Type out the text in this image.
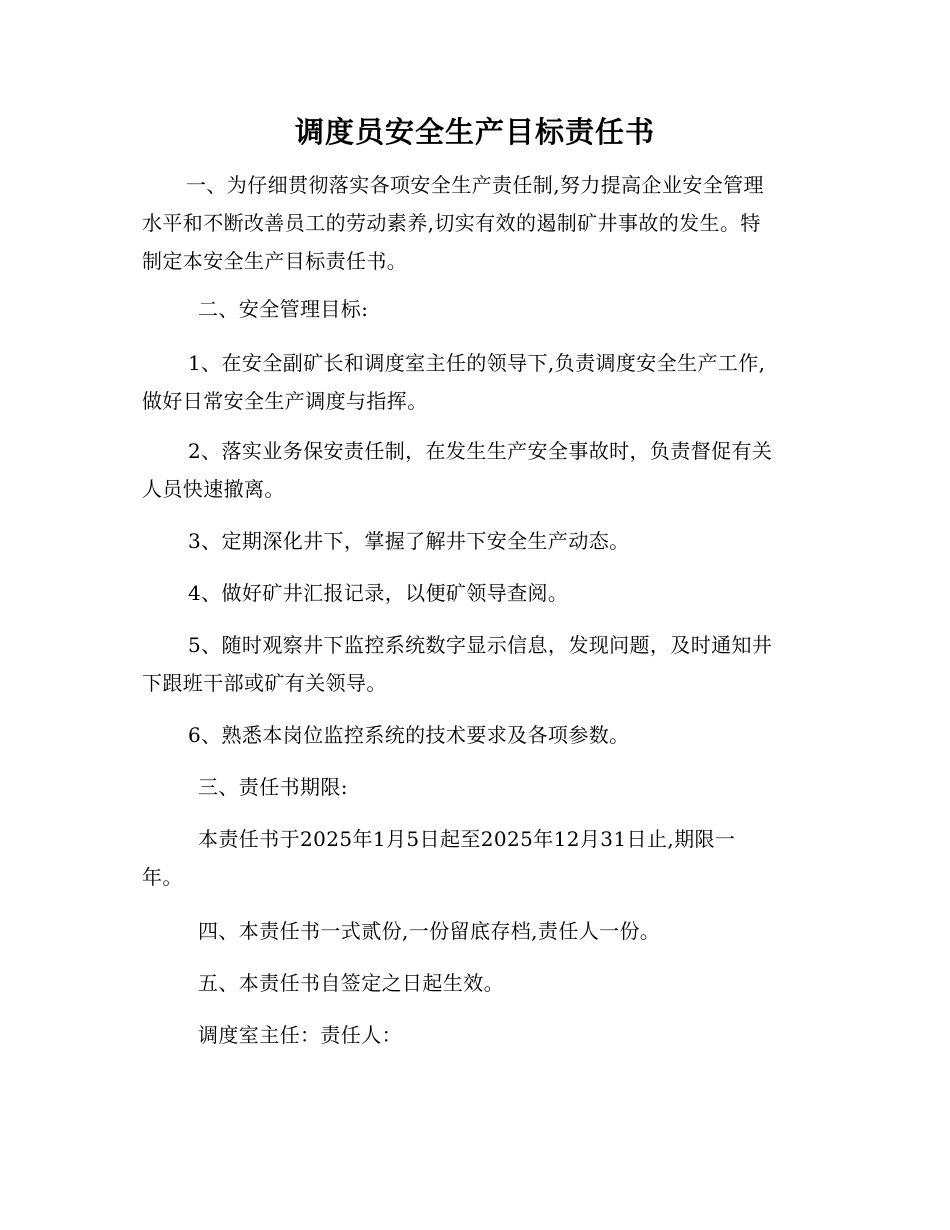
调度员安全生产目标责任书
一、为仔细贯彻落实各项安全生产责任制,努力提高企业安全管理
水平和不断改善员工的劳动素养,切实有效的遏制矿井事故的发生。特
制定本安全生产目标责任书。
二、安全管理目标:
1、在安全副矿长和调度室主任的领导下,负责调度安全生产工作,
做好日常安全生产调度与指挥。
2、落实业务保安责任制，在发生生产安全事故时，负责督促有关
人员快速撤离。
3、定期深化井下，掌握了解井下安全生产动态。
4、做好矿井汇报记录，以便矿领导查阅。
5、随时观察井下监控系统数字显示信息，发现问题，及时通知井
下跟班干部或矿有关领导。
6、熟悉本岗位监控系统的技术要求及各项参数。
三、责任书期限:
本责任书于2025年1月5日起至2025年12月31日止,期限一
年。
四、本责任书一式贰份,一份留底存档,责任人一份。
五、本责任书自签定之日起生效。
调度室主任：责任人：
